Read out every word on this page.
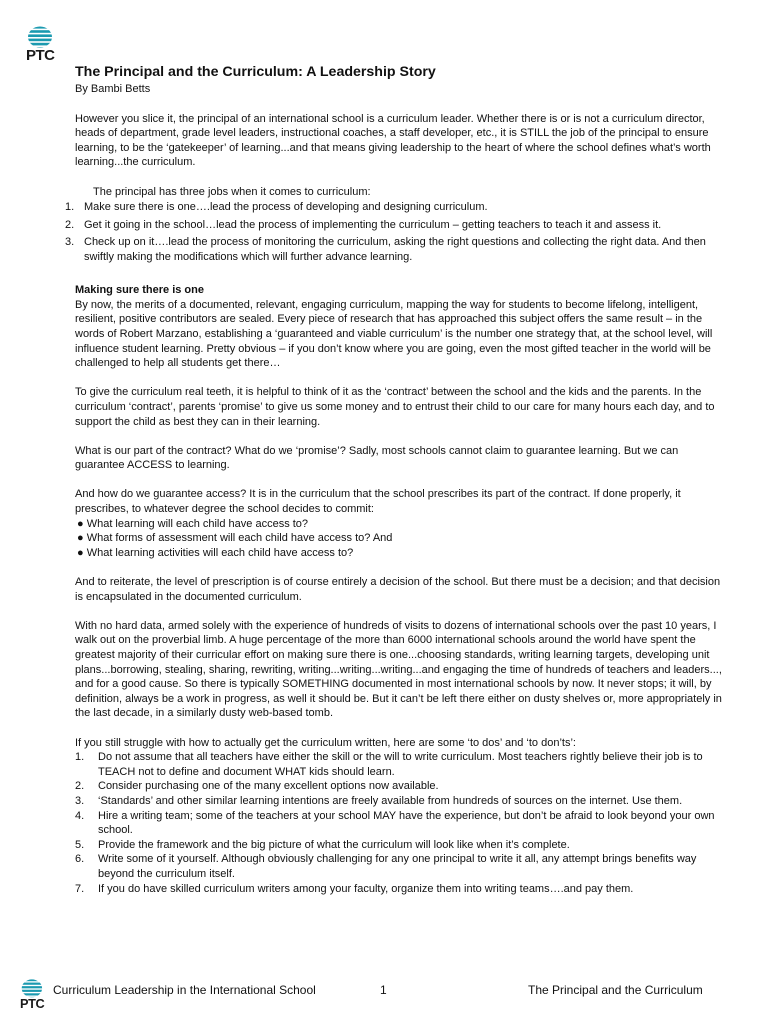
PTC
The Principal and the Curriculum: A Leadership Story
By Bambi Betts

However you slice it, the principal of an international school is a curriculum leader. Whether there is or is not a curriculum director, heads of department, grade level leaders, instructional coaches, a staff developer, etc., it is STILL the job of the principal to ensure learning, to be the ‘gatekeeper’ of learning...and that means giving leadership to the heart of where the school defines what’s worth learning...the curriculum.

The principal has three jobs when it comes to curriculum:
1. Make sure there is one….lead the process of developing and designing curriculum.
2. Get it going in the school…lead the process of implementing the curriculum – getting teachers to teach it and assess it.
3. Check up on it….lead the process of monitoring the curriculum, asking the right questions and collecting the right data. And then swiftly making the modifications which will further advance learning.
Making sure there is one

By now, the merits of a documented, relevant, engaging curriculum, mapping the way for students to become lifelong, intelligent, resilient, positive contributors are sealed. Every piece of research that has approached this subject offers the same result – in the words of Robert Marzano, establishing a ‘guaranteed and viable curriculum’ is the number one strategy that, at the school level, will influence student learning. Pretty obvious – if you don’t know where you are going, even the most gifted teacher in the world will be challenged to help all students get there…

To give the curriculum real teeth, it is helpful to think of it as the ‘contract’ between the school and the kids and the parents. In the curriculum ‘contract’, parents ‘promise’ to give us some money and to entrust their child to our care for many hours each day, and to support the child as best they can in their learning.

What is our part of the contract? What do we ‘promise’? Sadly, most schools cannot claim to guarantee learning. But we can guarantee ACCESS to learning.

And how do we guarantee access? It is in the curriculum that the school prescribes its part of the contract. If done properly, it prescribes, to whatever degree the school decides to commit:
● What learning will each child have access to?
● What forms of assessment will each child have access to? And
● What learning activities will each child have access to?

And to reiterate, the level of prescription is of course entirely a decision of the school. But there must be a decision; and that decision is encapsulated in the documented curriculum.

With no hard data, armed solely with the experience of hundreds of visits to dozens of international schools over the past 10 years, I walk out on the proverbial limb. A huge percentage of the more than 6000 international schools around the world have spent the greatest majority of their curricular effort on making sure there is one...choosing standards, writing learning targets, developing unit plans...borrowing, stealing, sharing, rewriting, writing...writing...writing...and engaging the time of hundreds of teachers and leaders..., and for a good cause. So there is typically SOMETHING documented in most international schools by now. It never stops; it will, by definition, always be a work in progress, as well it should be. But it can’t be left there either on dusty shelves or, more appropriately in the last decade, in a similarly dusty web-based tomb.

If you still struggle with how to actually get the curriculum written, here are some ‘to dos’ and ‘to don’ts’:
1. Do not assume that all teachers have either the skill or the will to write curriculum. Most teachers rightly believe their job is to TEACH not to define and document WHAT kids should learn.
2. Consider purchasing one of the many excellent options now available.
3. ‘Standards’ and other similar learning intentions are freely available from hundreds of sources on the internet. Use them.
4. Hire a writing team; some of the teachers at your school MAY have the experience, but don’t be afraid to look beyond your own school.
5. Provide the framework and the big picture of what the curriculum will look like when it’s complete.
6. Write some of it yourself. Although obviously challenging for any one principal to write it all, any attempt brings benefits way beyond the curriculum itself.
7. If you do have skilled curriculum writers among your faculty, organize them into writing teams….and pay them.
PTC
Curriculum Leadership in the International School	1	The Principal and the Curriculum
